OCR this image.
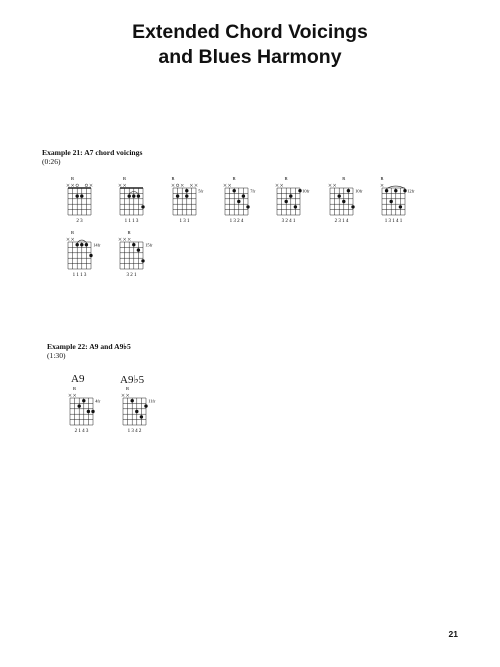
Extended Chord Voicings
and Blues Harmony
Example 21: A7 chord voicings
(0:26)
R
2 3
R
1 1 1 3
R
5fr
1 3 1
R
7fr
1 3 2 4
R
10fr
3 2 4 1
R
10fr
2 3 1 4
R
12fr
1 3 1 4 1
R
14fr
1 1 1 3
R
15fr
3 2 1
Example 22: A9 and A9♭5
(1:30)
A9	A9♭5
R
4fr
2 1 4 3
R
11fr
1 3 4 2
21
